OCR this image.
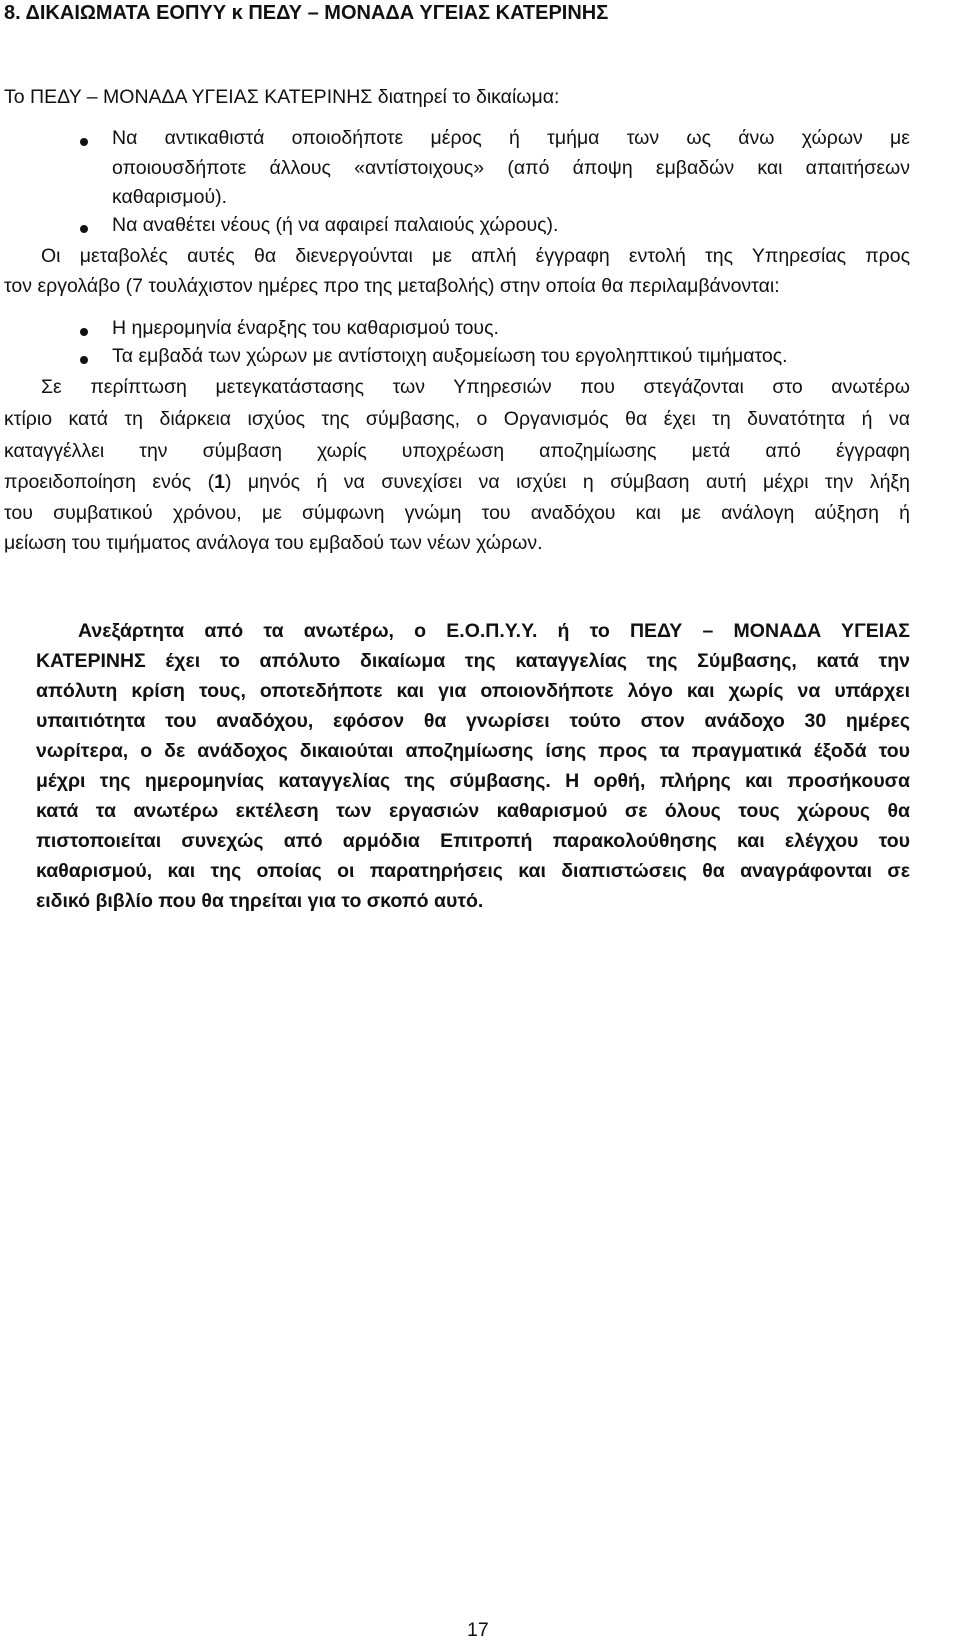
8. ΔΙΚΑΙΩΜΑΤΑ ΕΟΠΥΥ κ ΠΕΔΥ – ΜΟΝΑΔΑ ΥΓΕΙΑΣ ΚΑΤΕΡΙΝΗΣ
Το ΠΕΔΥ – ΜΟΝΑΔΑ ΥΓΕΙΑΣ ΚΑΤΕΡΙΝΗΣ διατηρεί το δικαίωμα:
Να αντικαθιστά οποιοδήποτε μέρος ή τμήμα των ως άνω χώρων με
οποιουσδήποτε άλλους «αντίστοιχους» (από άποψη εμβαδών και απαιτήσεων
καθαρισμού).
Να αναθέτει νέους (ή να αφαιρεί παλαιούς χώρους).
Οι μεταβολές αυτές θα διενεργούνται με απλή έγγραφη εντολή της Υπηρεσίας προς
τον εργολάβο (7 τουλάχιστον ημέρες προ της μεταβολής) στην οποία θα περιλαμβάνονται:
Η ημερομηνία έναρξης του καθαρισμού τους.
Τα εμβαδά των χώρων με αντίστοιχη αυξομείωση του εργοληπτικού τιμήματος.
Σε περίπτωση μετεγκατάστασης των Υπηρεσιών που στεγάζονται στο ανωτέρω
κτίριο κατά τη διάρκεια ισχύος της σύμβασης, ο Οργανισμός θα έχει τη δυνατότητα ή να
καταγγέλλει την σύμβαση χωρίς υποχρέωση αποζημίωσης μετά από έγγραφη
προειδοποίηση ενός (1) μηνός ή να συνεχίσει να ισχύει η σύμβαση αυτή μέχρι την λήξη
του συμβατικού χρόνου, με σύμφωνη γνώμη του αναδόχου και με ανάλογη αύξηση ή
μείωση του τιμήματος ανάλογα του εμβαδού των νέων χώρων.
Ανεξάρτητα από τα ανωτέρω, ο Ε.Ο.Π.Υ.Υ. ή το ΠΕΔΥ – ΜΟΝΑΔΑ ΥΓΕΙΑΣ
ΚΑΤΕΡΙΝΗΣ έχει το απόλυτο δικαίωμα της καταγγελίας της Σύμβασης, κατά την
απόλυτη κρίση τους, οποτεδήποτε και για οποιονδήποτε λόγο και χωρίς να υπάρχει
υπαιτιότητα του αναδόχου, εφόσον θα γνωρίσει τούτο στον ανάδοχο 30 ημέρες
νωρίτερα, ο δε ανάδοχος δικαιούται αποζημίωσης ίσης προς τα πραγματικά έξοδά του
μέχρι της ημερομηνίας καταγγελίας της σύμβασης. Η ορθή, πλήρης και προσήκουσα
κατά τα ανωτέρω εκτέλεση των εργασιών καθαρισμού σε όλους τους χώρους θα
πιστοποιείται συνεχώς από αρμόδια Επιτροπή παρακολούθησης και ελέγχου του
καθαρισμού, και της οποίας οι παρατηρήσεις και διαπιστώσεις θα αναγράφονται σε
ειδικό βιβλίο που θα τηρείται για το σκοπό αυτό.
17
